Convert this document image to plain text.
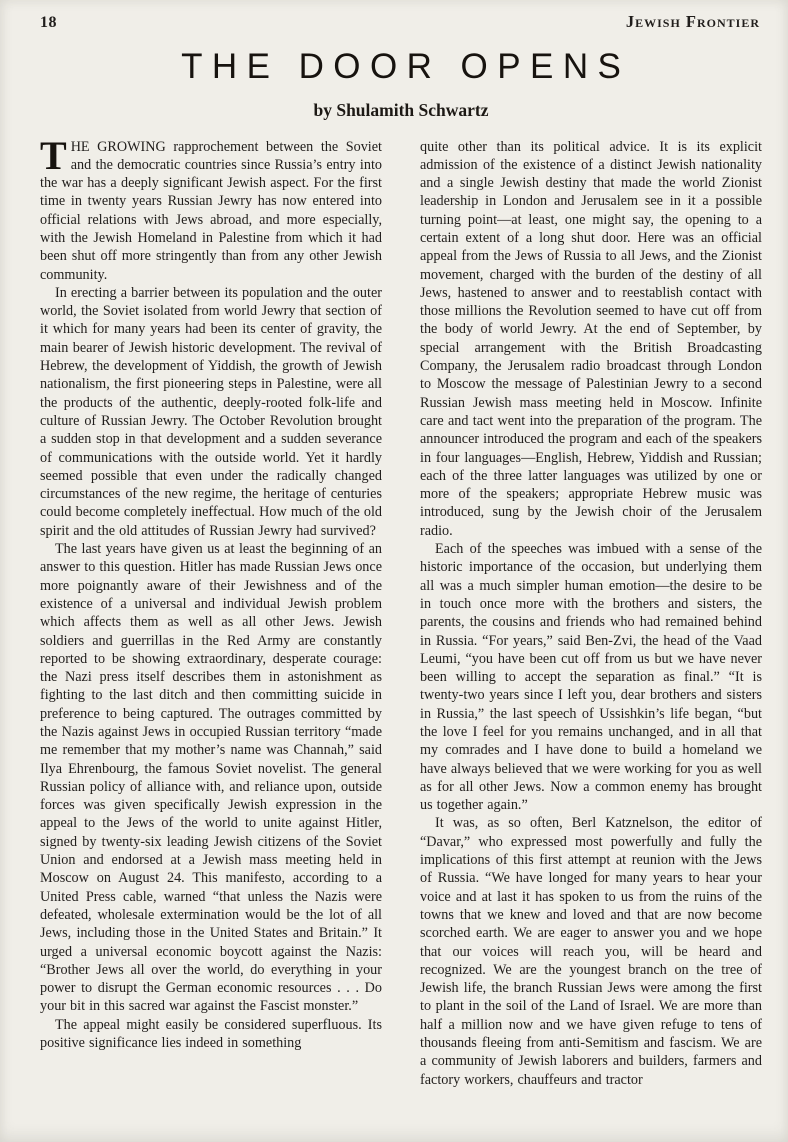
18	Jewish Frontier
THE DOOR OPENS
by Shulamith Schwartz

THE GROWING rapprochement between the Soviet and the democratic countries since Russia’s entry into the war has a deeply significant Jewish aspect. For the first time in twenty years Russian Jewry has now entered into official relations with Jews abroad, and more especially, with the Jewish Homeland in Palestine from which it had been shut off more stringently than from any other Jewish community.

In erecting a barrier between its population and the outer world, the Soviet isolated from world Jewry that section of it which for many years had been its center of gravity, the main bearer of Jewish historic development. The revival of Hebrew, the development of Yiddish, the growth of Jewish nationalism, the first pioneering steps in Palestine, were all the products of the authentic, deeply-rooted folk-life and culture of Russian Jewry. The October Revolution brought a sudden stop in that development and a sudden severance of communications with the outside world. Yet it hardly seemed possible that even under the radically changed circumstances of the new regime, the heritage of centuries could become completely ineffectual. How much of the old spirit and the old attitudes of Russian Jewry had survived?

The last years have given us at least the beginning of an answer to this question. Hitler has made Russian Jews once more poignantly aware of their Jewishness and of the existence of a universal and individual Jewish problem which affects them as well as all other Jews. Jewish soldiers and guerrillas in the Red Army are constantly reported to be showing extraordinary, desperate courage: the Nazi press itself describes them in astonishment as fighting to the last ditch and then committing suicide in preference to being captured. The outrages committed by the Nazis against Jews in occupied Russian territory “made me remember that my mother’s name was Channah,” said Ilya Ehrenbourg, the famous Soviet novelist. The general Russian policy of alliance with, and reliance upon, outside forces was given specifically Jewish expression in the appeal to the Jews of the world to unite against Hitler, signed by twenty-six leading Jewish citizens of the Soviet Union and endorsed at a Jewish mass meeting held in Moscow on August 24. This manifesto, according to a United Press cable, warned “that unless the Nazis were defeated, wholesale extermination would be the lot of all Jews, including those in the United States and Britain.” It urged a universal economic boycott against the Nazis: “Brother Jews all over the world, do everything in your power to disrupt the German economic resources . . . Do your bit in this sacred war against the Fascist monster.”

The appeal might easily be considered superfluous. Its positive significance lies indeed in something

quite other than its political advice. It is its explicit admission of the existence of a distinct Jewish nationality and a single Jewish destiny that made the world Zionist leadership in London and Jerusalem see in it a possible turning point—at least, one might say, the opening to a certain extent of a long shut door. Here was an official appeal from the Jews of Russia to all Jews, and the Zionist movement, charged with the burden of the destiny of all Jews, hastened to answer and to reestablish contact with those millions the Revolution seemed to have cut off from the body of world Jewry. At the end of September, by special arrangement with the British Broadcasting Company, the Jerusalem radio broadcast through London to Moscow the message of Palestinian Jewry to a second Russian Jewish mass meeting held in Moscow. Infinite care and tact went into the preparation of the program. The announcer introduced the program and each of the speakers in four languages—English, Hebrew, Yiddish and Russian; each of the three latter languages was utilized by one or more of the speakers; appropriate Hebrew music was introduced, sung by the Jewish choir of the Jerusalem radio.

Each of the speeches was imbued with a sense of the historic importance of the occasion, but underlying them all was a much simpler human emotion—the desire to be in touch once more with the brothers and sisters, the parents, the cousins and friends who had remained behind in Russia. “For years,” said Ben-Zvi, the head of the Vaad Leumi, “you have been cut off from us but we have never been willing to accept the separation as final.” “It is twenty-two years since I left you, dear brothers and sisters in Russia,” the last speech of Ussishkin’s life began, “but the love I feel for you remains unchanged, and in all that my comrades and I have done to build a homeland we have always believed that we were working for you as well as for all other Jews. Now a common enemy has brought us together again.”

It was, as so often, Berl Katznelson, the editor of “Davar,” who expressed most powerfully and fully the implications of this first attempt at reunion with the Jews of Russia. “We have longed for many years to hear your voice and at last it has spoken to us from the ruins of the towns that we knew and loved and that are now become scorched earth. We are eager to answer you and we hope that our voices will reach you, will be heard and recognized. We are the youngest branch on the tree of Jewish life, the branch Russian Jews were among the first to plant in the soil of the Land of Israel. We are more than half a million now and we have given refuge to tens of thousands fleeing from anti-Semitism and fascism. We are a community of Jewish laborers and builders, farmers and factory workers, chauffeurs and tractor
